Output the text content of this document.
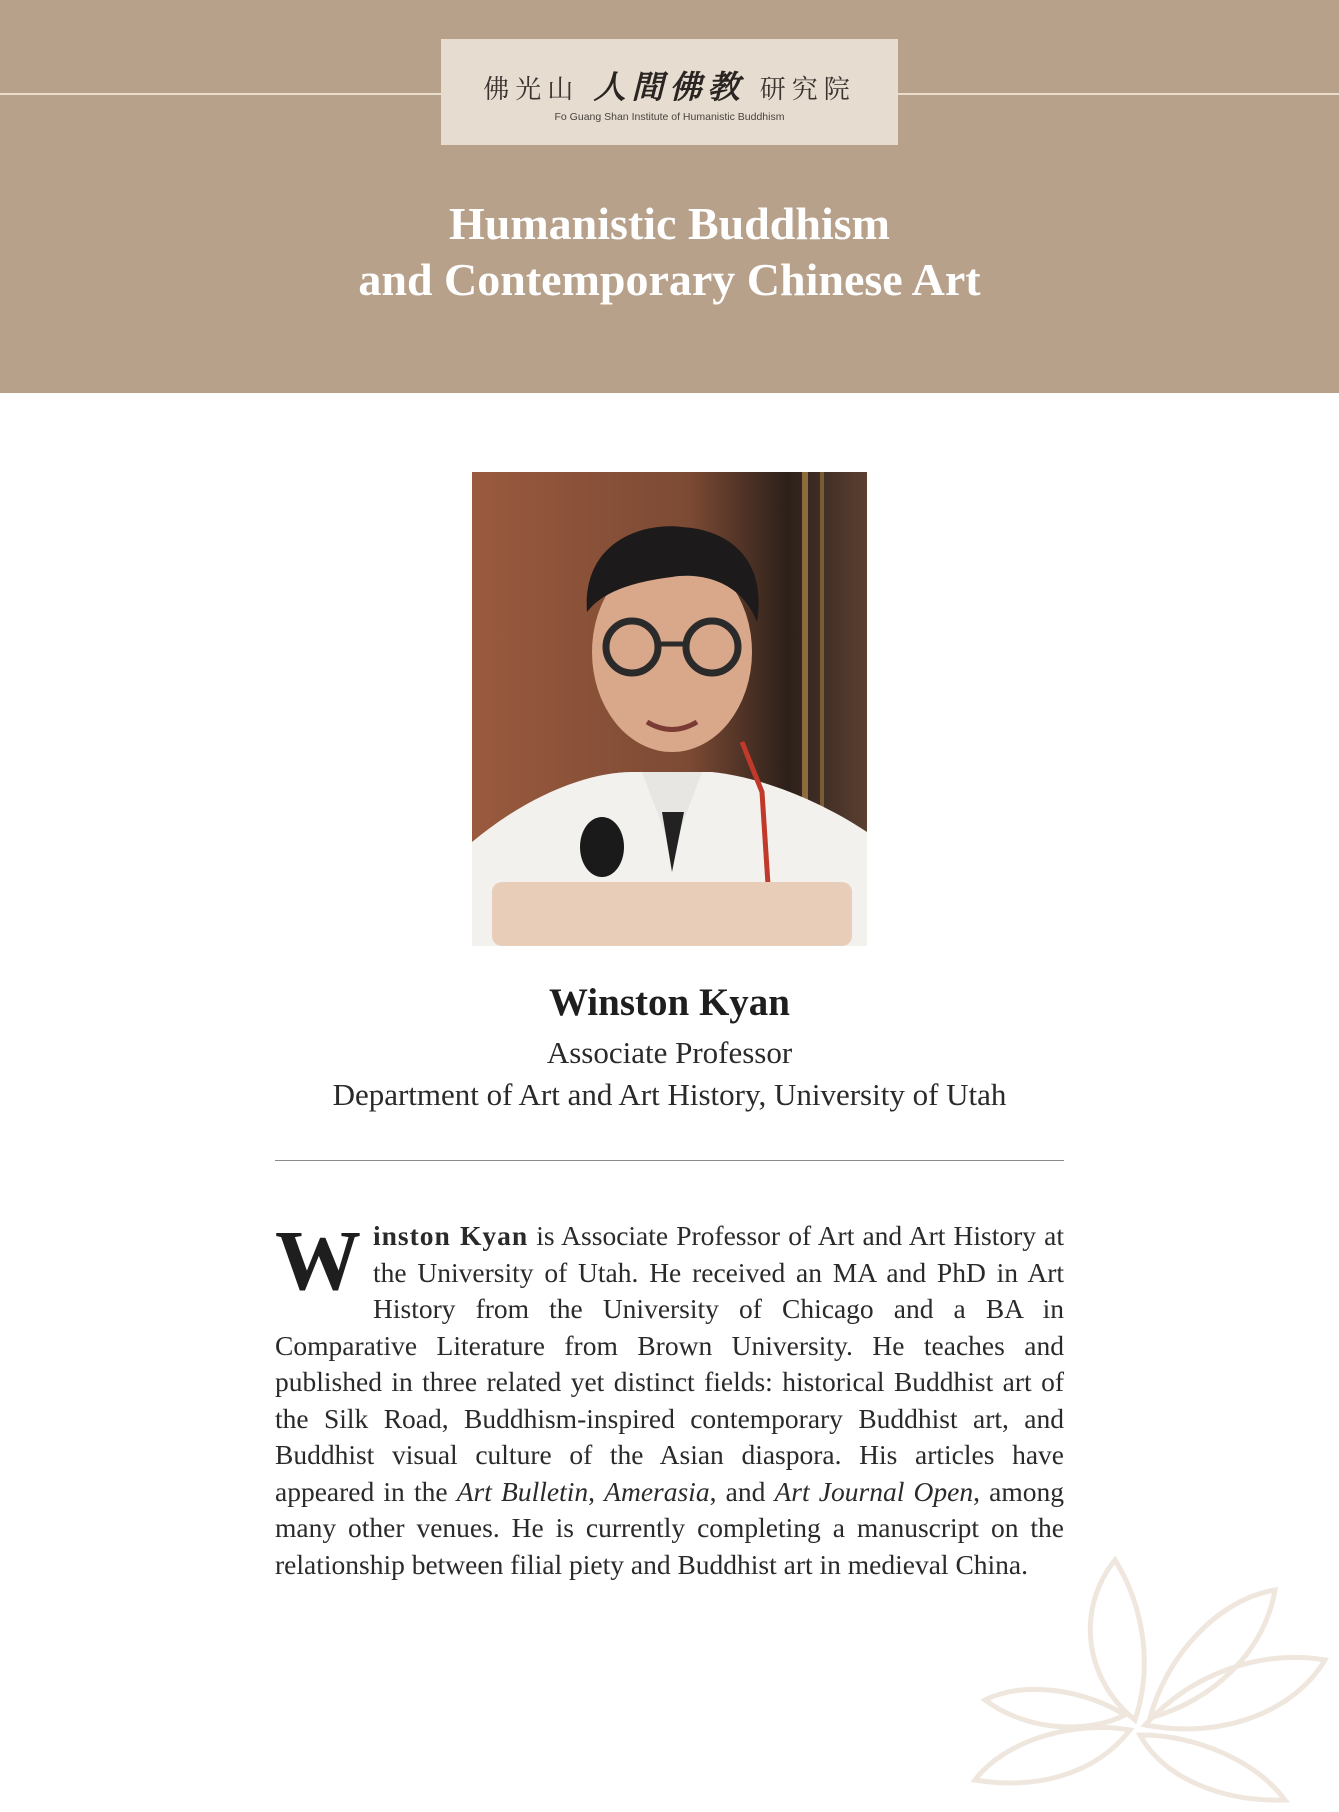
佛光山 人間佛教 研究院
Fo Guang Shan Institute of Humanistic Buddhism
Humanistic Buddhism
and Contemporary Chinese Art
Winston Kyan
Associate Professor
Department of Art and Art History, University of Utah
Winston Kyan is Associate Professor of Art and Art History at the University of Utah. He received an MA and PhD in Art History from the University of Chicago and a BA in Comparative Literature from Brown University. He teaches and published in three related yet distinct fields: historical Buddhist art of the Silk Road, Buddhism-inspired contemporary Buddhist art, and Buddhist visual culture of the Asian diaspora. His articles have appeared in the Art Bulletin, Amerasia, and Art Journal Open, among many other venues. He is currently completing a manuscript on the relationship between filial piety and Buddhist art in medieval China.
